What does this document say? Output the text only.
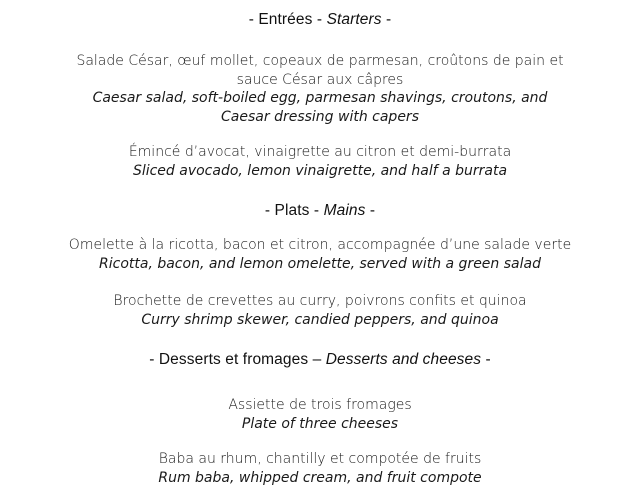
- Entrées - Starters -
Salade César, œuf mollet, copeaux de parmesan, croûtons de pain et sauce César aux câpres
Caesar salad, soft-boiled egg, parmesan shavings, croutons, and Caesar dressing with capers
Émincé d’avocat, vinaigrette au citron et demi-burrata
Sliced avocado, lemon vinaigrette, and half a burrata
- Plats - Mains -
Omelette à la ricotta, bacon et citron, accompagnée d’une salade verte
Ricotta, bacon, and lemon omelette, served with a green salad
Brochette de crevettes au curry, poivrons confits et quinoa
Curry shrimp skewer, candied peppers, and quinoa
- Desserts et fromages – Desserts and cheeses -
Assiette de trois fromages
Plate of three cheeses
Baba au rhum, chantilly et compotée de fruits
Rum baba, whipped cream, and fruit compote
